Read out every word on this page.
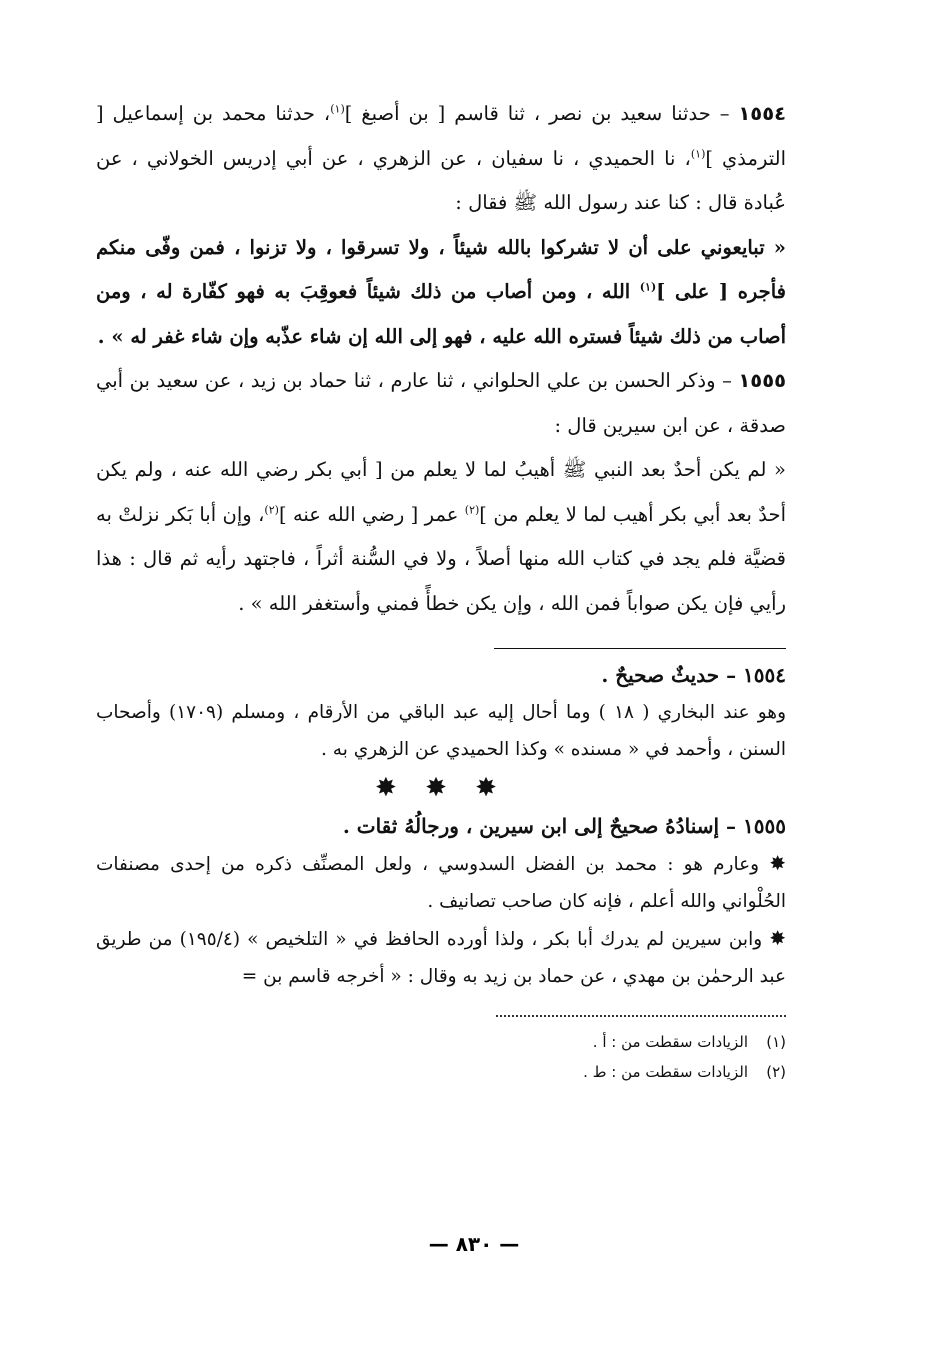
١٥٥٤ – حدثنا سعيد بن نصر ، ثنا قاسم [ بن أصبغ ]$^{(١)}$، حدثنا محمد بن إسماعيل [ الترمذي ]$^{(١)}$، نا الحميدي ، نا سفيان ، عن الزهري ، عن أبي إدريس الخولاني ، عن عُبادة قال : كنا عند رسول الله ﷺ فقال :

« تبايعوني على أن لا تشركوا بالله شيئاً ، ولا تسرقوا ، ولا تزنوا ، فمن وفّى منكم فأجره [ على ]$^{(١)}$ الله ، ومن أصاب من ذلك شيئاً فعوقِبَ به فهو كفّارة له ، ومن أصاب من ذلك شيئاً فستره الله عليه ، فهو إلى الله إن شاء عذّبه وإن شاء غفر له » .

١٥٥٥ – وذكر الحسن بن علي الحلواني ، ثنا عارم ، ثنا حماد بن زيد ، عن سعيد بن أبي صدقة ، عن ابن سيرين قال :

« لم يكن أحدٌ بعد النبي ﷺ أهيبُ لما لا يعلم من [ أبي بكر رضي الله عنه ، ولم يكن أحدٌ بعد أبي بكر أهيب لما لا يعلم من ]$^{(٢)}$ عمر [ رضي الله عنه ]$^{(٢)}$، وإن أبا بَكر نزلتْ به قضيَّة فلم يجد في كتاب الله منها أصلاً ، ولا في السُّنة أثراً ، فاجتهد رأيه ثم قال : هذا رأيي فإن يكن صواباً فمن الله ، وإن يكن خطأً فمني وأستغفر الله » .

١٥٥٤ – حديثٌ صحيحٌ .
وهو عند البخاري ( ١٨ ) وما أحال إليه عبد الباقي من الأرقام ، ومسلم (١٧٠٩) وأصحاب السنن ، وأحمد في « مسنده » وكذا الحميدي عن الزهري به .
✸ ✸ ✸
١٥٥٥ – إسنادُهُ صحيحٌ إلى ابن سيرين ، ورجالُهُ ثقات .
✸ وعارم هو : محمد بن الفضل السدوسي ، ولعل المصنِّف ذكره من إحدى مصنفات الحُلْواني والله أعلم ، فإنه كان صاحب تصانيف .
✸ وابن سيرين لم يدرك أبا بكر ، ولذا أورده الحافظ في « التلخيص » (١٩٥/٤) من طريق عبد الرحمٰن بن مهدي ، عن حماد بن زيد به وقال : « أخرجه قاسم بن =
(١)الزيادات سقطت من : أ .
(٢)الزيادات سقطت من : ط .
— ٨٣٠ —
